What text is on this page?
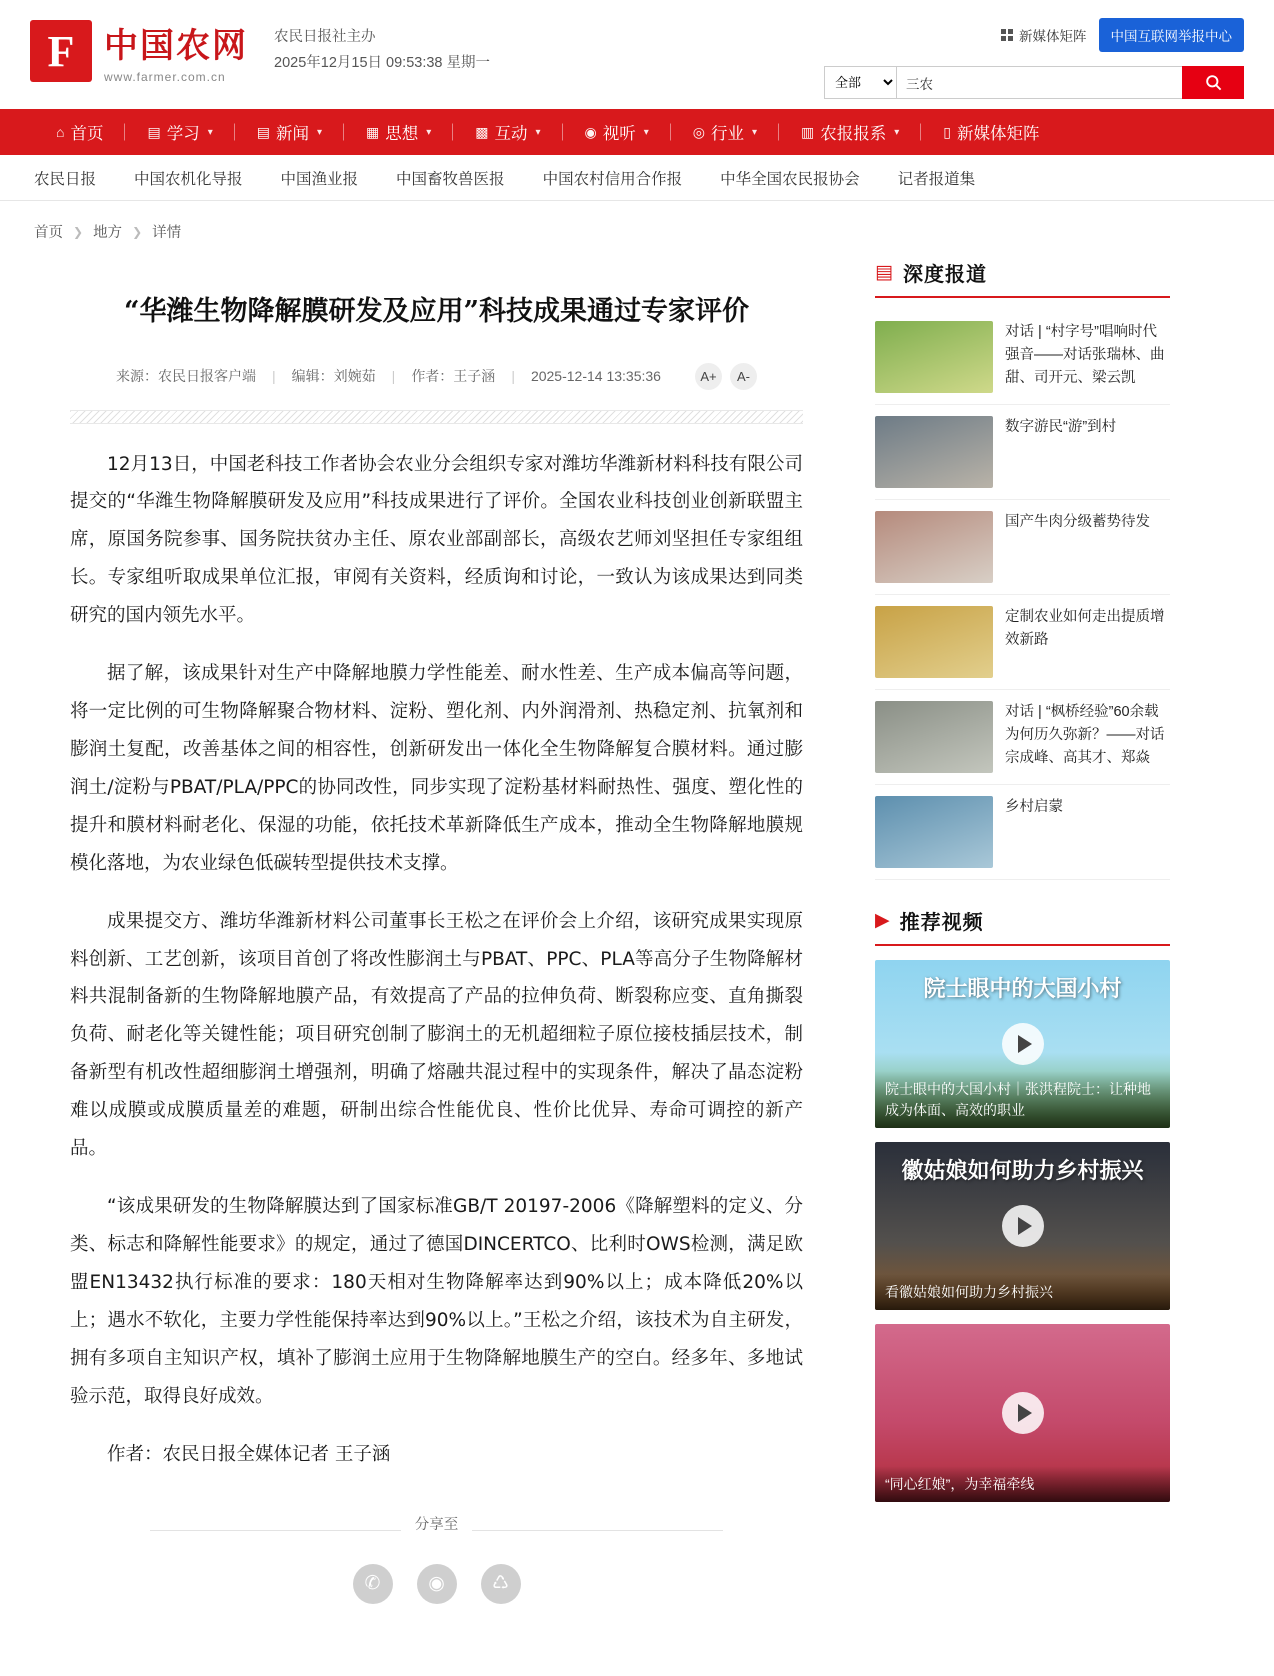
F 中国农网
www.farmer.com.cn
农民日报社主办
2025年12月15日 09:53:38 星期一
新媒体矩阵	中国互联网举报中心
全部
三农
⌂ 首页	▤ 学习 ▾	▤ 新闻 ▾	▦ 思想 ▾	▩ 互动 ▾	◉ 视听 ▾	◎ 行业 ▾	▥ 农报报系 ▾	▯ 新媒体矩阵
农民日报 中国农机化导报 中国渔业报 中国畜牧兽医报 中国农村信用合作报 中华全国农民报协会 记者报道集
首页 ❯ 地方 ❯ 详情
“华潍生物降解膜研发及应用”科技成果通过专家评价
来源：农民日报客户端 | 编辑：刘婉茹 | 作者：王子涵 | 2025-12-14 13:35:36	A+	A-

12月13日，中国老科技工作者协会农业分会组织专家对潍坊华潍新材料科技有限公司提交的“华潍生物降解膜研发及应用”科技成果进行了评价。全国农业科技创业创新联盟主席，原国务院参事、国务院扶贫办主任、原农业部副部长，高级农艺师刘坚担任专家组组长。专家组听取成果单位汇报，审阅有关资料，经质询和讨论，一致认为该成果达到同类研究的国内领先水平。

据了解，该成果针对生产中降解地膜力学性能差、耐水性差、生产成本偏高等问题，将一定比例的可生物降解聚合物材料、淀粉、塑化剂、内外润滑剂、热稳定剂、抗氧剂和膨润土复配，改善基体之间的相容性，创新研发出一体化全生物降解复合膜材料。通过膨润土/淀粉与PBAT/PLA/PPC的协同改性，同步实现了淀粉基材料耐热性、强度、塑化性的提升和膜材料耐老化、保湿的功能，依托技术革新降低生产成本，推动全生物降解地膜规模化落地，为农业绿色低碳转型提供技术支撑。

成果提交方、潍坊华潍新材料公司董事长王松之在评价会上介绍，该研究成果实现原料创新、工艺创新，该项目首创了将改性膨润土与PBAT、PPC、PLA等高分子生物降解材料共混制备新的生物降解地膜产品，有效提高了产品的拉伸负荷、断裂称应变、直角撕裂负荷、耐老化等关键性能；项目研究创制了膨润土的无机超细粒子原位接枝插层技术，制备新型有机改性超细膨润土增强剂，明确了熔融共混过程中的实现条件，解决了晶态淀粉难以成膜或成膜质量差的难题，研制出综合性能优良、性价比优异、寿命可调控的新产品。

“该成果研发的生物降解膜达到了国家标准GB/T 20197-2006《降解塑料的定义、分类、标志和降解性能要求》的规定，通过了德国DINCERTCO、比利时OWS检测，满足欧盟EN13432执行标准的要求：180天相对生物降解率达到90%以上；成本降低20%以上；遇水不软化，主要力学性能保持率达到90%以上。”王松之介绍，该技术为自主研发，拥有多项自主知识产权，填补了膨润土应用于生物降解地膜生产的空白。经多年、多地试验示范，取得良好成效。

作者：农民日报全媒体记者 王子涵

分享至
✆	◉	♺
▤ 深度报道
对话 | “村字号”唱响时代强音——对话张瑞林、曲甜、司开元、梁云凯
数字游民“游”到村
国产牛肉分级蓄势待发
定制农业如何走出提质增效新路
对话 | “枫桥经验”60余载 为何历久弥新？——对话宗成峰、高其才、郑焱
乡村启蒙
▶ 推荐视频
院士眼中的大国小村
院士眼中的大国小村｜张洪程院士：让种地成为体面、高效的职业
徽姑娘如何助力乡村振兴
看徽姑娘如何助力乡村振兴
“同心红娘”，为幸福牵线
